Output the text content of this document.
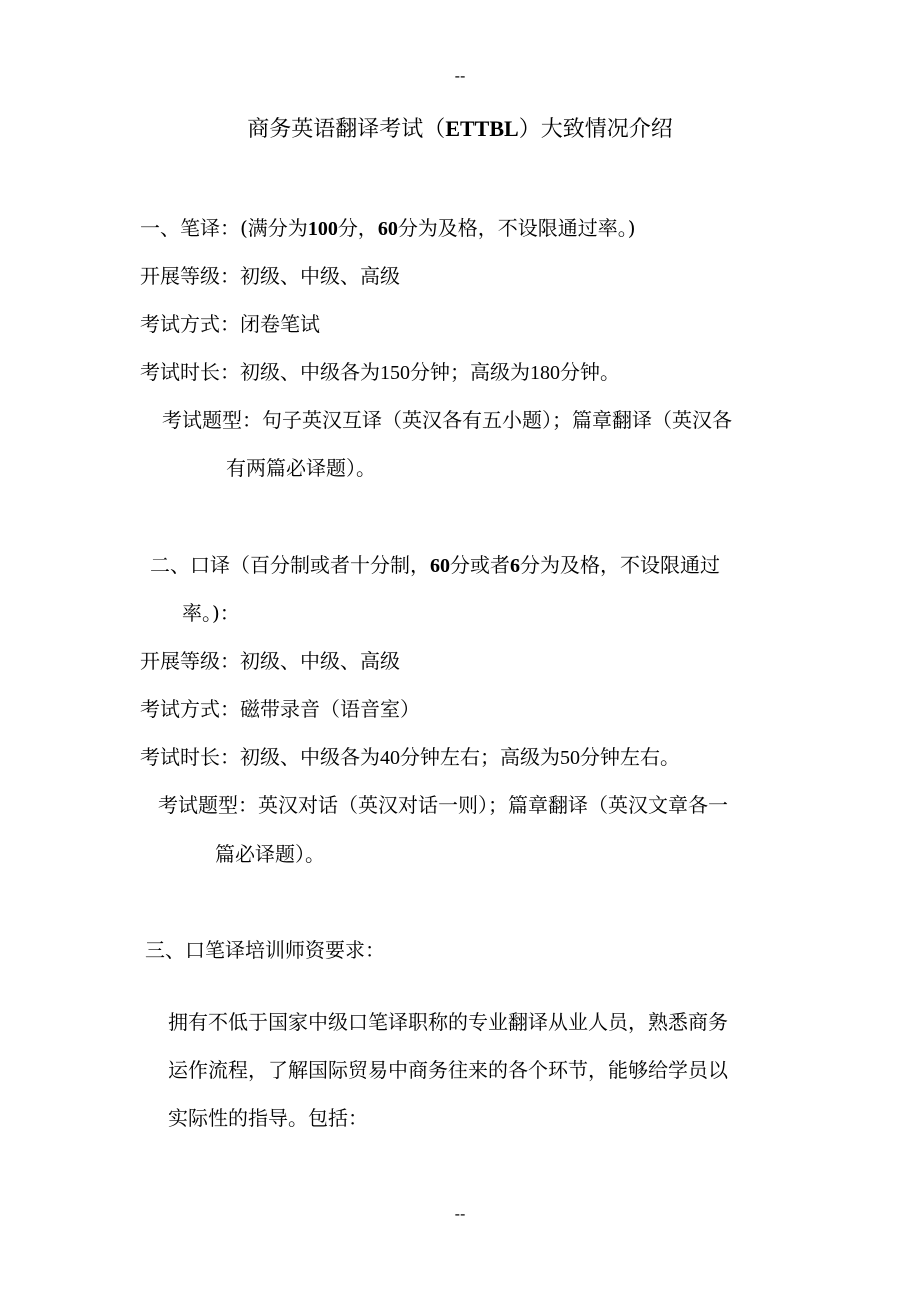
--
商务英语翻译考试（ETTBL）大致情况介绍
一、笔译：(满分为100分，60分为及格，不设限通过率。)
开展等级：初级、中级、高级
考试方式：闭卷笔试
考试时长：初级、中级各为150分钟；高级为180分钟。
考试题型：句子英汉互译（英汉各有五小题）；篇章翻译（英汉各
有两篇必译题）。
二、口译（百分制或者十分制，60分或者6分为及格，不设限通过
率。)：
开展等级：初级、中级、高级
考试方式：磁带录音（语音室）
考试时长：初级、中级各为40分钟左右；高级为50分钟左右。
考试题型：英汉对话（英汉对话一则）；篇章翻译（英汉文章各一
篇必译题）。
三、口笔译培训师资要求：
拥有不低于国家中级口笔译职称的专业翻译从业人员，熟悉商务
运作流程，了解国际贸易中商务往来的各个环节，能够给学员以
实际性的指导。包括：
--
